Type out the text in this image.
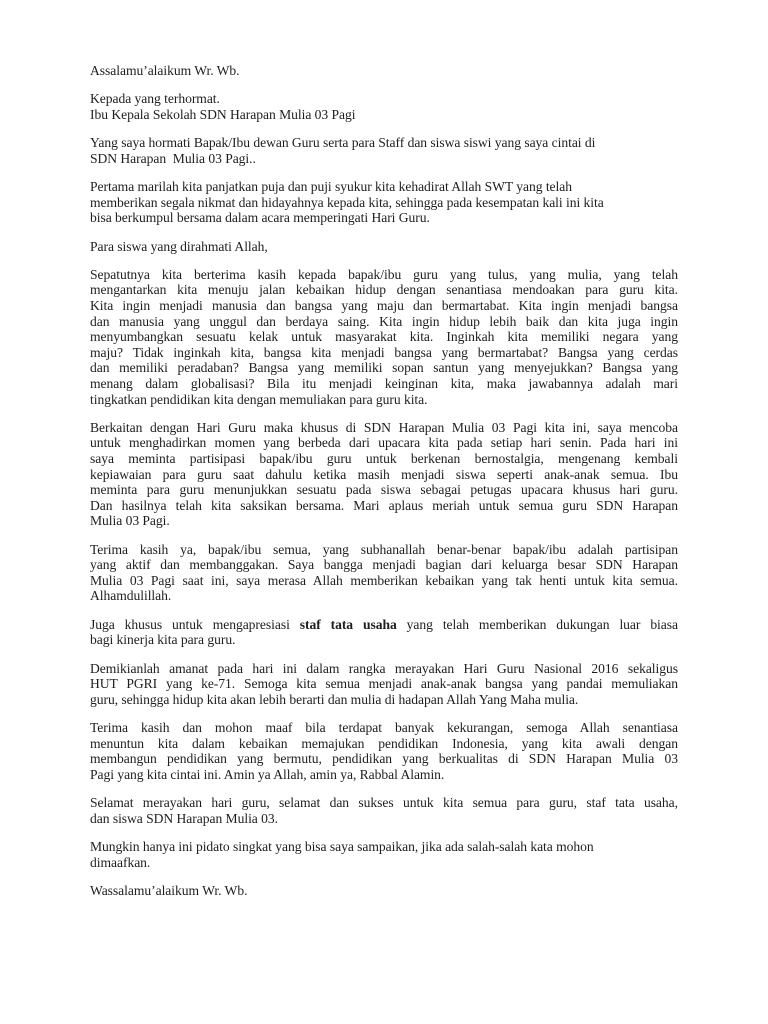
Assalamu’alaikum Wr. Wb.

Kepada yang terhormat.
Ibu Kepala Sekolah SDN Harapan Mulia 03 Pagi

Yang saya hormati Bapak/Ibu dewan Guru serta para Staff dan siswa siswi yang saya cintai di
SDN Harapan  Mulia 03 Pagi..

Pertama marilah kita panjatkan puja dan puji syukur kita kehadirat Allah SWT yang telah
memberikan segala nikmat dan hidayahnya kepada kita, sehingga pada kesempatan kali ini kita
bisa berkumpul bersama dalam acara memperingati Hari Guru.

Para siswa yang dirahmati Allah,

Sepatutnya kita berterima kasih kepada bapak/ibu guru yang tulus, yang mulia, yang telah
mengantarkan kita menuju jalan kebaikan hidup dengan senantiasa mendoakan para guru kita.
Kita ingin menjadi manusia dan bangsa yang maju dan bermartabat. Kita ingin menjadi bangsa
dan manusia yang unggul dan berdaya saing. Kita ingin hidup lebih baik dan kita juga ingin
menyumbangkan sesuatu kelak untuk masyarakat kita. Inginkah kita memiliki negara yang
maju? Tidak inginkah kita, bangsa kita menjadi bangsa yang bermartabat? Bangsa yang cerdas
dan memiliki peradaban? Bangsa yang memiliki sopan santun yang menyejukkan? Bangsa yang
menang dalam globalisasi? Bila itu menjadi keinginan kita, maka jawabannya adalah mari
tingkatkan pendidikan kita dengan memuliakan para guru kita.

Berkaitan dengan Hari Guru maka khusus di SDN Harapan Mulia 03 Pagi kita ini, saya mencoba
untuk menghadirkan momen yang berbeda dari upacara kita pada setiap hari senin. Pada hari ini
saya meminta partisipasi bapak/ibu guru untuk berkenan bernostalgia, mengenang kembali
kepiawaian para guru saat dahulu ketika masih menjadi siswa seperti anak-anak semua. Ibu
meminta para guru menunjukkan sesuatu pada siswa sebagai petugas upacara khusus hari guru.
Dan hasilnya telah kita saksikan bersama. Mari aplaus meriah untuk semua guru SDN Harapan
Mulia 03 Pagi.

Terima kasih ya, bapak/ibu semua, yang subhanallah benar-benar bapak/ibu adalah partisipan
yang aktif dan membanggakan. Saya bangga menjadi bagian dari keluarga besar SDN Harapan
Mulia 03 Pagi saat ini, saya merasa Allah memberikan kebaikan yang tak henti untuk kita semua.
Alhamdulillah.

Juga khusus untuk mengapresiasi staf tata usaha yang telah memberikan dukungan luar biasa
bagi kinerja kita para guru.

Demikianlah amanat pada hari ini dalam rangka merayakan Hari Guru Nasional 2016 sekaligus
HUT PGRI yang ke-71. Semoga kita semua menjadi anak-anak bangsa yang pandai memuliakan
guru, sehingga hidup kita akan lebih berarti dan mulia di hadapan Allah Yang Maha mulia.

Terima kasih dan mohon maaf bila terdapat banyak kekurangan, semoga Allah senantiasa
menuntun kita dalam kebaikan memajukan pendidikan Indonesia, yang kita awali dengan
membangun pendidikan yang bermutu, pendidikan yang berkualitas di SDN Harapan Mulia 03
Pagi yang kita cintai ini. Amin ya Allah, amin ya, Rabbal Alamin.

Selamat merayakan hari guru, selamat dan sukses untuk kita semua para guru, staf tata usaha,
dan siswa SDN Harapan Mulia 03.

Mungkin hanya ini pidato singkat yang bisa saya sampaikan, jika ada salah-salah kata mohon
dimaafkan.

Wassalamu’alaikum Wr. Wb.
